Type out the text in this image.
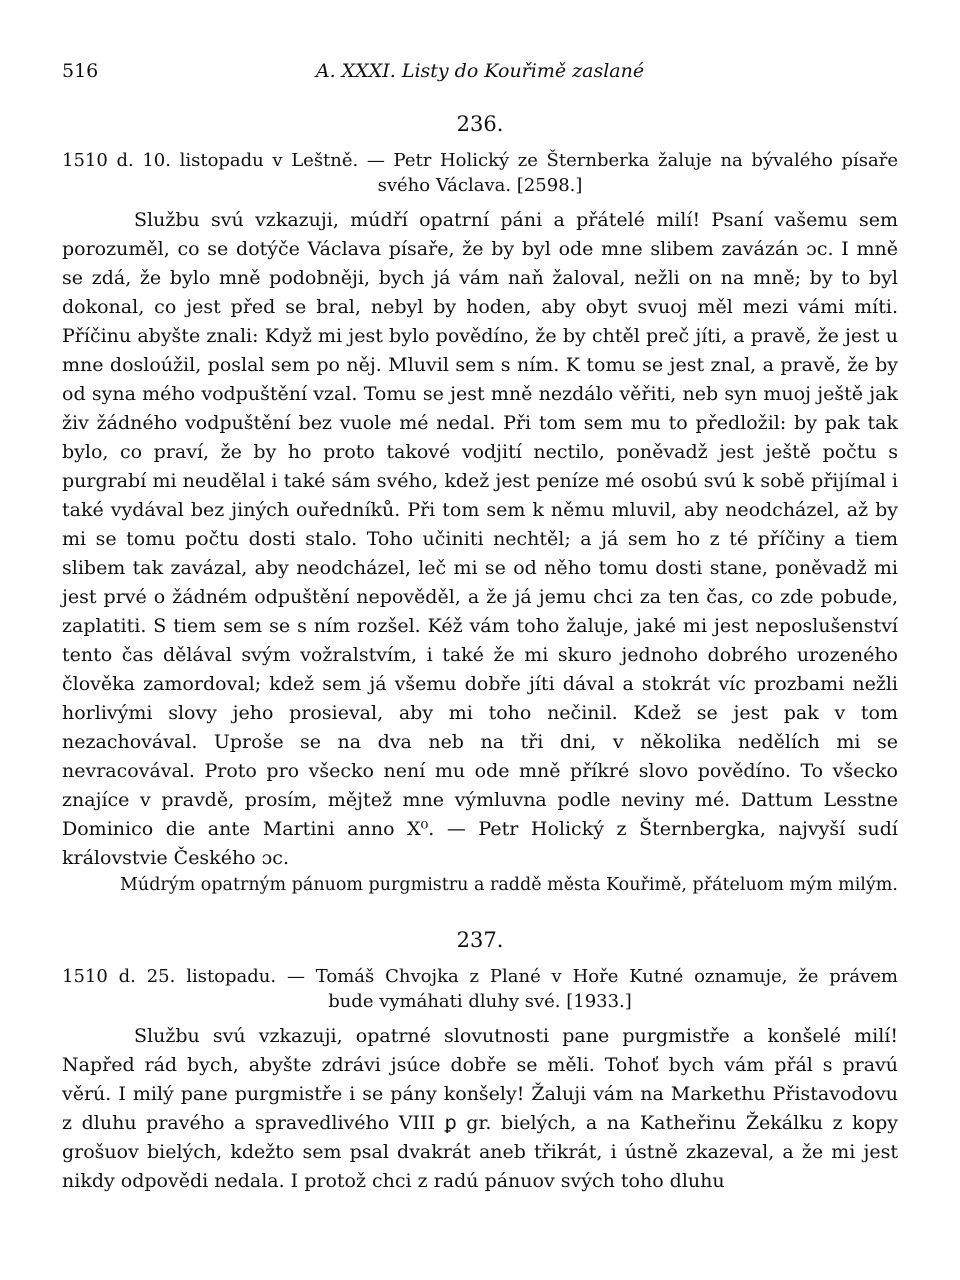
516	A. XXXI. Listy do Kouřimě zaslané
236.
1510 d. 10. listopadu v Leštně. — Petr Holický ze Šternberka žaluje na bývalého písaře
svého Václava. [2598.]

Službu svú vzkazuji, múdří opatrní páni a přátelé milí! Psaní vašemu sem porozuměl, co se dotýče Václava písaře, že by byl ode mne slibem zavázán ɔc. I mně se zdá, že bylo mně podobněji, bych já vám naň žaloval, nežli on na mně; by to byl dokonal, co jest před se bral, nebyl by hoden, aby obyt svuoj měl mezi vámi míti. Příčinu abyšte znali: Když mi jest bylo povědíno, že by chtěl preč jíti, a pravě, že jest u mne dosloúžil, poslal sem po něj. Mluvil sem s ním. K tomu se jest znal, a pravě, že by od syna mého vodpuštění vzal. Tomu se jest mně nezdálo věřiti, neb syn muoj ještě jak živ žádného vodpuštění bez vuole mé nedal. Při tom sem mu to předložil: by pak tak bylo, co praví, že by ho proto takové vodjití nectilo, poněvadž jest ještě počtu s purgrabí mi neudělal i také sám svého, kdež jest peníze mé osobú svú k sobě přijímal i také vydával bez jiných ouředníků. Při tom sem k němu mluvil, aby neodcházel, až by mi se tomu počtu dosti stalo. Toho učiniti nechtěl; a já sem ho z té příčiny a tiem slibem tak zavázal, aby neodcházel, leč mi se od něho tomu dosti stane, poněvadž mi jest prvé o žádném odpuštění nepověděl, a že já jemu chci za ten čas, co zde pobude, zaplatiti. S tiem sem se s ním rozšel. Kéž vám toho žaluje, jaké mi jest neposlušenství tento čas dělával svým vožralstvím, i také že mi skuro jednoho dobrého urozeného člověka zamordoval; kdež sem já všemu dobře jíti dával a stokrát víc prozbami nežli horlivými slovy jeho prosieval, aby mi toho nečinil. Kdež se jest pak v tom nezachovával. Uproše se na dva neb na tři dni, v několika nedělích mi se nevracovával. Proto pro všecko není mu ode mně příkré slovo povědíno. To všecko znajíce v pravdě, prosím, mějtež mne výmluvna podle neviny mé. Dattum Lesstne Dominico die ante Martini anno X⁰. — Petr Holický z Šternbergka, najvyší sudí královstvie Českého ɔc.

Múdrým opatrným pánuom purgmistru a raddě města Kouřimě, přáteluom mým milým.
237.
1510 d. 25. listopadu. — Tomáš Chvojka z Plané v Hoře Kutné oznamuje, že právem
bude vymáhati dluhy své. [1933.]

Službu svú vzkazuji, opatrné slovutnosti pane purgmistře a konšelé milí! Napřed rád bych, abyšte zdrávi jsúce dobře se měli. Tohoť bych vám přál s pravú věrú. I milý pane purgmistře i se pány konšely! Žaluji vám na Markethu Přistavodovu z dluhu pravého a spravedlivého VIII ꝑ gr. bielých, a na Katheřinu Žekálku z kopy grošuov bielých, kdežto sem psal dvakrát aneb třikrát, i ústně zkazeval, a že mi jest nikdy odpovědi nedala. I protož chci z radú pánuov svých toho dluhu
